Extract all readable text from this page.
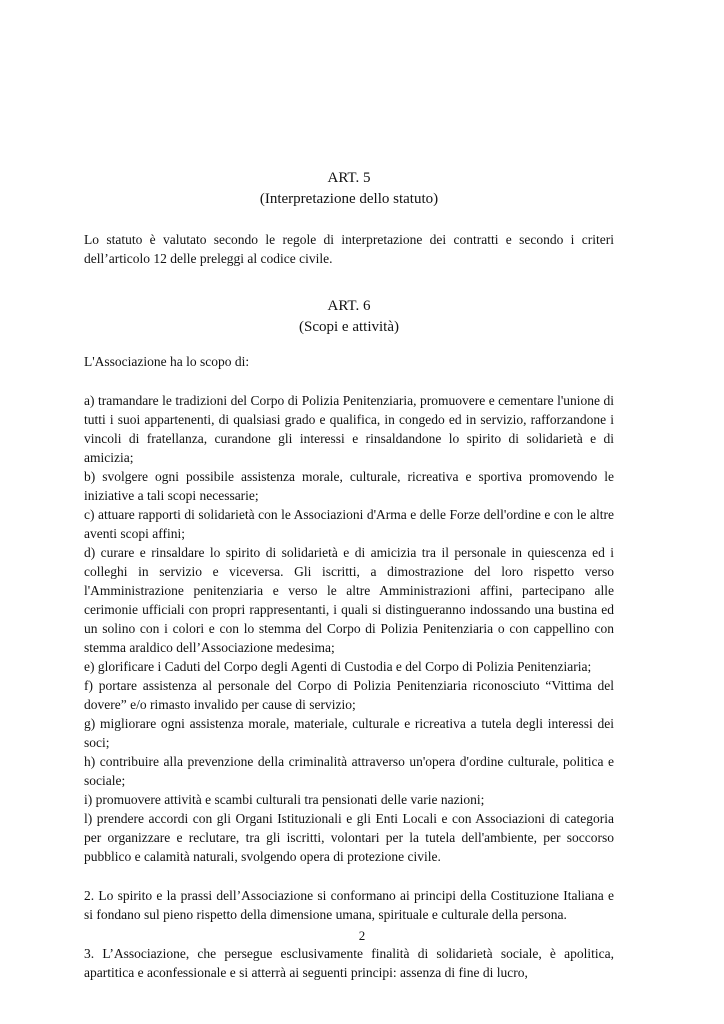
ART. 5
(Interpretazione dello statuto)
Lo statuto è valutato secondo le regole di interpretazione dei contratti e secondo i criteri dell’articolo 12 delle preleggi al codice civile.
ART. 6
(Scopi e attività)
L'Associazione ha lo scopo di:
a) tramandare le tradizioni del Corpo di Polizia Penitenziaria, promuovere e cementare l'unione di tutti i suoi appartenenti, di qualsiasi grado e qualifica, in congedo ed in servizio, rafforzandone i vincoli di fratellanza, curandone gli interessi e rinsaldandone lo spirito di solidarietà e di amicizia;
b) svolgere ogni possibile assistenza morale, culturale, ricreativa e sportiva promovendo le iniziative a tali scopi necessarie;
c) attuare rapporti di solidarietà con le Associazioni d'Arma e delle Forze dell'ordine e con le altre aventi scopi affini;
d) curare e rinsaldare lo spirito di solidarietà e di amicizia tra il personale in quiescenza ed i colleghi in servizio e viceversa. Gli iscritti, a dimostrazione del loro rispetto verso l'Amministrazione penitenziaria e verso le altre Amministrazioni affini, partecipano alle cerimonie ufficiali con propri rappresentanti, i quali si distingueranno indossando una bustina ed un solino con i colori e con lo stemma del Corpo di Polizia Penitenziaria o con cappellino con stemma araldico dell’Associazione medesima;
e) glorificare i Caduti del Corpo degli Agenti di Custodia e del Corpo di Polizia Penitenziaria;
f) portare assistenza al personale del Corpo di Polizia Penitenziaria riconosciuto “Vittima del dovere” e/o rimasto invalido per cause di servizio;
g) migliorare ogni assistenza morale, materiale, culturale e ricreativa a tutela degli interessi dei soci;
h) contribuire alla prevenzione della criminalità attraverso un'opera d'ordine culturale, politica e sociale;
i) promuovere attività e scambi culturali tra pensionati delle varie nazioni;
l) prendere accordi con gli Organi Istituzionali e gli Enti Locali e con Associazioni di categoria per organizzare e reclutare, tra gli iscritti, volontari per la tutela dell'ambiente, per soccorso pubblico e calamità naturali, svolgendo opera di protezione civile.
2. Lo spirito e la prassi dell’Associazione si conformano ai principi della Costituzione Italiana e si fondano sul pieno rispetto della dimensione umana, spirituale e culturale della persona.
3. L’Associazione, che persegue esclusivamente finalità di solidarietà sociale, è apolitica, apartitica e aconfessionale e si atterrà ai seguenti principi: assenza di fine di lucro,
2
